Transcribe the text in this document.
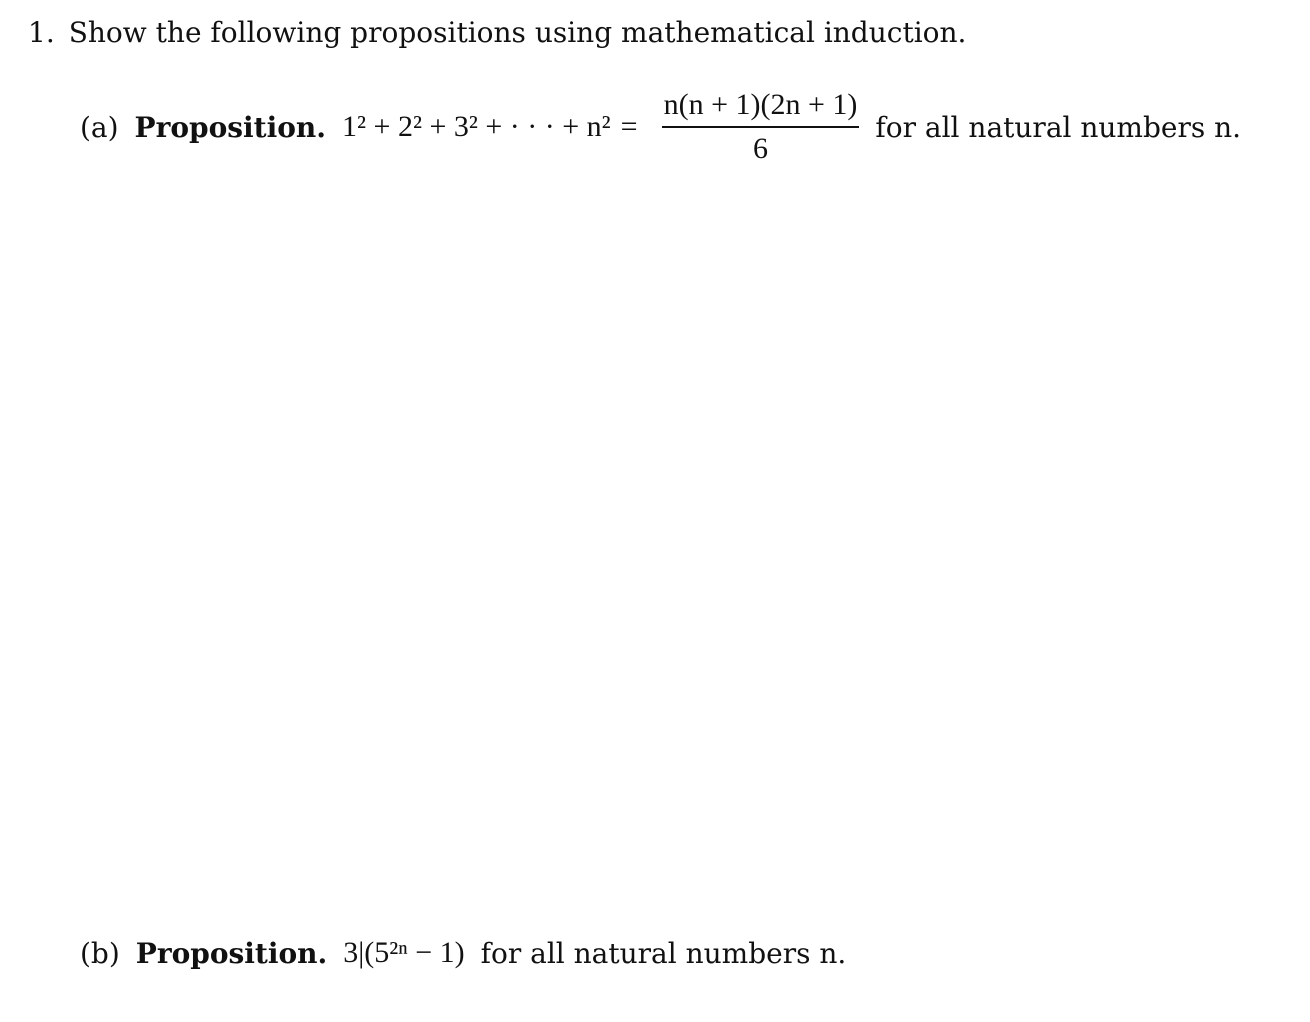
1. Show the following propositions using mathematical induction.
(a) Proposition. 1² + 2² + 3² + · · · + $n^2 = \frac{n(n + 1)(2n + 1)}{6}$ for all natural numbers n.
(b) Proposition. 3|(5²ⁿ − 1) for all natural numbers n.
